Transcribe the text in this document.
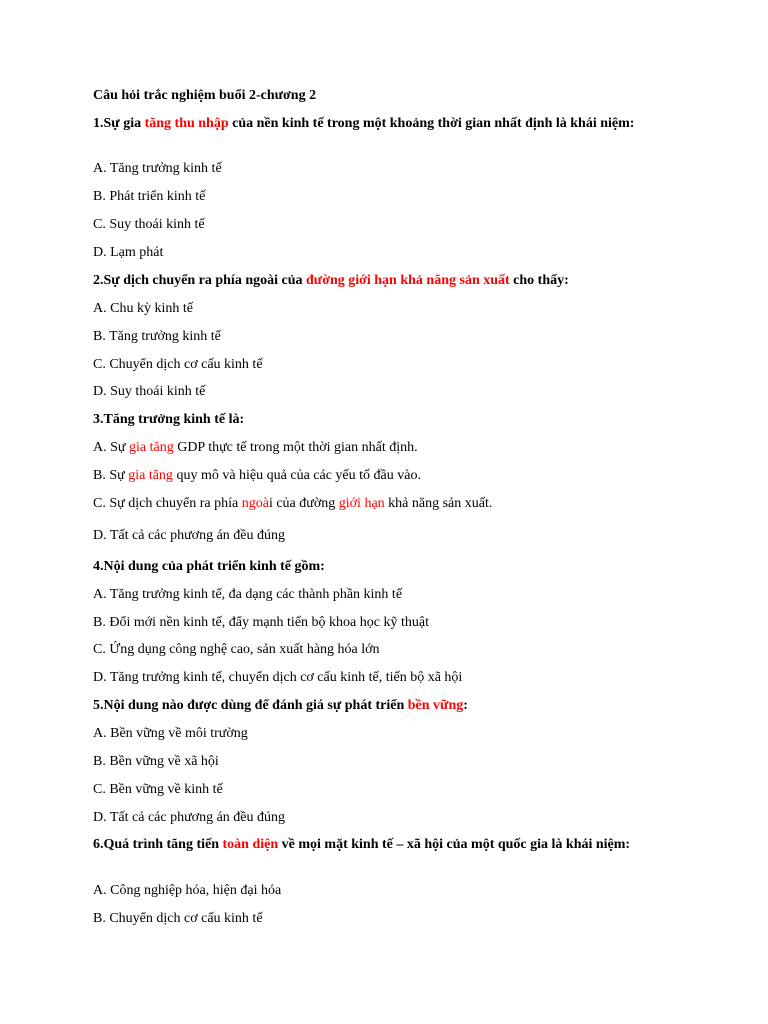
Câu hỏi trắc nghiệm buổi 2-chương 2
1.Sự gia tăng thu nhập của nền kinh tế trong một khoảng thời gian nhất định là khái niệm:
A. Tăng trưởng kinh tế
B. Phát triển kinh tế
C. Suy thoái kinh tế
D. Lạm phát
2.Sự dịch chuyển ra phía ngoài của đường giới hạn khả năng sản xuất cho thấy:
A. Chu kỳ kinh tế
B. Tăng trưởng kinh tế
C. Chuyển dịch cơ cấu kinh tế
D. Suy thoái kinh tế
3.Tăng trưởng kinh tế là:
A. Sự gia tăng GDP thực tế trong một thời gian nhất định.
B. Sự gia tăng quy mô và hiệu quả của các yếu tố đầu vào.
C. Sự dịch chuyển ra phía ngoài của đường giới hạn khả năng sản xuất.
D. Tất cả các phương án đều đúng
4.Nội dung của phát triển kinh tế gồm:
A. Tăng trưởng kinh tế, đa dạng các thành phần kinh tế
B. Đổi mới nền kinh tế, đẩy mạnh tiến bộ khoa học kỹ thuật
C. Ứng dụng công nghệ cao, sản xuất hàng hóa lớn
D. Tăng trưởng kinh tế, chuyển dịch cơ cấu kinh tế, tiến bộ xã hội
5.Nội dung nào được dùng để đánh giá sự phát triển bền vững:
A. Bền vững về môi trường
B. Bền vững về xã hội
C. Bền vững về kinh tế
D. Tất cả các phương án đều đúng
6.Quá trình tăng tiến toàn diện về mọi mặt kinh tế – xã hội của một quốc gia là khái niệm:
A. Công nghiệp hóa, hiện đại hóa
B. Chuyển dịch cơ cấu kinh tế
